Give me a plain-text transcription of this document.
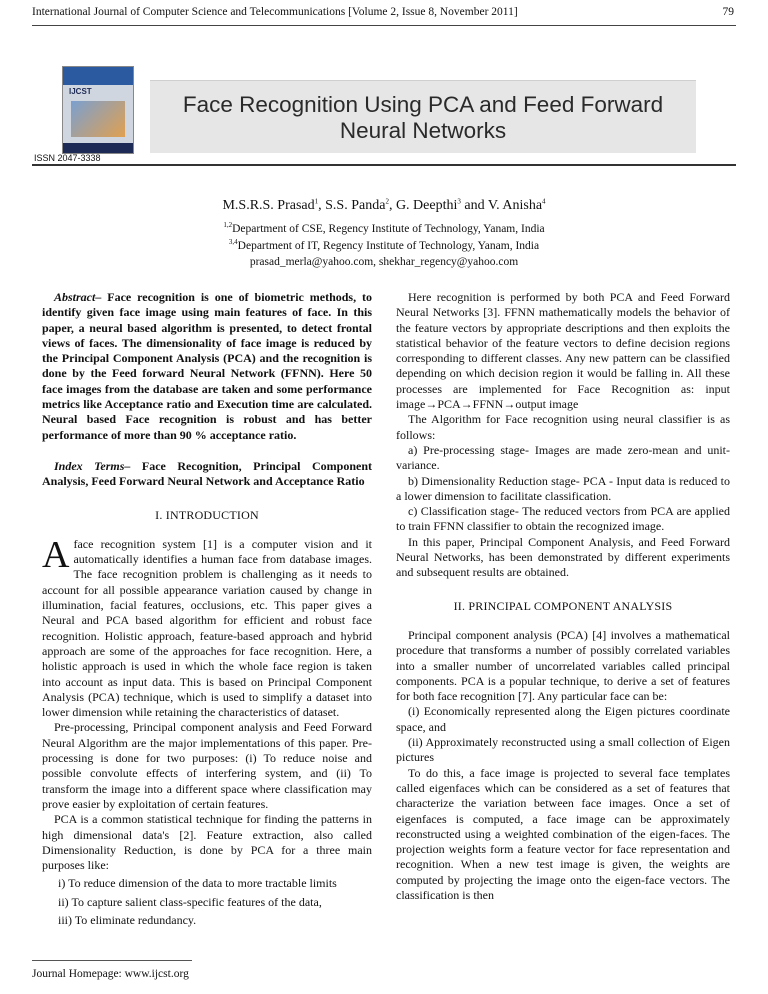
International Journal of Computer Science and Telecommunications [Volume 2, Issue 8, November 2011]	79
IJCST
Face Recognition Using PCA and Feed Forward Neural Networks
ISSN 2047-3338
M.S.R.S. Prasad$^1$, S.S. Panda$^2$, G. Deepthi$^3$ and V. Anisha$^4$
$^{1,2}$Department of CSE, Regency Institute of Technology, Yanam, India
$^{3,4}$Department of IT, Regency Institute of Technology, Yanam, India
prasad_merla@yahoo.com, shekhar_regency@yahoo.com

Abstract– Face recognition is one of biometric methods, to identify given face image using main features of face. In this paper, a neural based algorithm is presented, to detect frontal views of faces. The dimensionality of face image is reduced by the Principal Component Analysis (PCA) and the recognition is done by the Feed forward Neural Network (FFNN). Here 50 face images from the database are taken and some performance metrics like Acceptance ratio and Execution time are calculated. Neural based Face recognition is robust and has better performance of more than 90 % acceptance ratio.

Index Terms– Face Recognition, Principal Component Analysis, Feed Forward Neural Network and Acceptance Ratio

I. INTRODUCTION

Aface recognition system [1] is a computer vision and it automatically identifies a human face from database images. The face recognition problem is challenging as it needs to account for all possible appearance variation caused by change in illumination, facial features, occlusions, etc. This paper gives a Neural and PCA based algorithm for efficient and robust face recognition. Holistic approach, feature-based approach and hybrid approach are some of the approaches for face recognition. Here, a holistic approach is used in which the whole face region is taken into account as input data. This is based on Principal Component Analysis (PCA) technique, which is used to simplify a dataset into lower dimension while retaining the characteristics of dataset.

Pre-processing, Principal component analysis and Feed Forward Neural Algorithm are the major implementations of this paper. Pre-processing is done for two purposes: (i) To reduce noise and possible convolute effects of interfering system, and (ii) To transform the image into a different space where classification may prove easier by exploitation of certain features.

PCA is a common statistical technique for finding the patterns in high dimensional data's [2]. Feature extraction, also called Dimensionality Reduction, is done by PCA for a three main purposes like:

i) To reduce dimension of the data to more tractable limits

ii) To capture salient class-specific features of the data,

iii) To eliminate redundancy.

Here recognition is performed by both PCA and Feed Forward Neural Networks [3]. FFNN mathematically models the behavior of the feature vectors by appropriate descriptions and then exploits the statistical behavior of the feature vectors to define decision regions corresponding to different classes. Any new pattern can be classified depending on which decision region it would be falling in. All these processes are implemented for Face Recognition as: input image→PCA→FFNN→output image

The Algorithm for Face recognition using neural classifier is as follows:

a) Pre-processing stage- Images are made zero-mean and unit-variance.

b) Dimensionality Reduction stage- PCA - Input data is reduced to a lower dimension to facilitate classification.

c) Classification stage- The reduced vectors from PCA are applied to train FFNN classifier to obtain the recognized image.

In this paper, Principal Component Analysis, and Feed Forward Neural Networks, has been demonstrated by different experiments and subsequent results are obtained.

II. PRINCIPAL COMPONENT ANALYSIS

Principal component analysis (PCA) [4] involves a mathematical procedure that transforms a number of possibly correlated variables into a smaller number of uncorrelated variables called principal components. PCA is a popular technique, to derive a set of features for both face recognition [7]. Any particular face can be:

(i) Economically represented along the Eigen pictures coordinate space, and

(ii) Approximately reconstructed using a small collection of Eigen pictures

To do this, a face image is projected to several face templates called eigenfaces which can be considered as a set of features that characterize the variation between face images. Once a set of eigenfaces is computed, a face image can be approximately reconstructed using a weighted combination of the eigen-faces. The projection weights form a feature vector for face representation and recognition. When a new test image is given, the weights are computed by projecting the image onto the eigen-face vectors. The classification is then

Journal Homepage: www.ijcst.org
